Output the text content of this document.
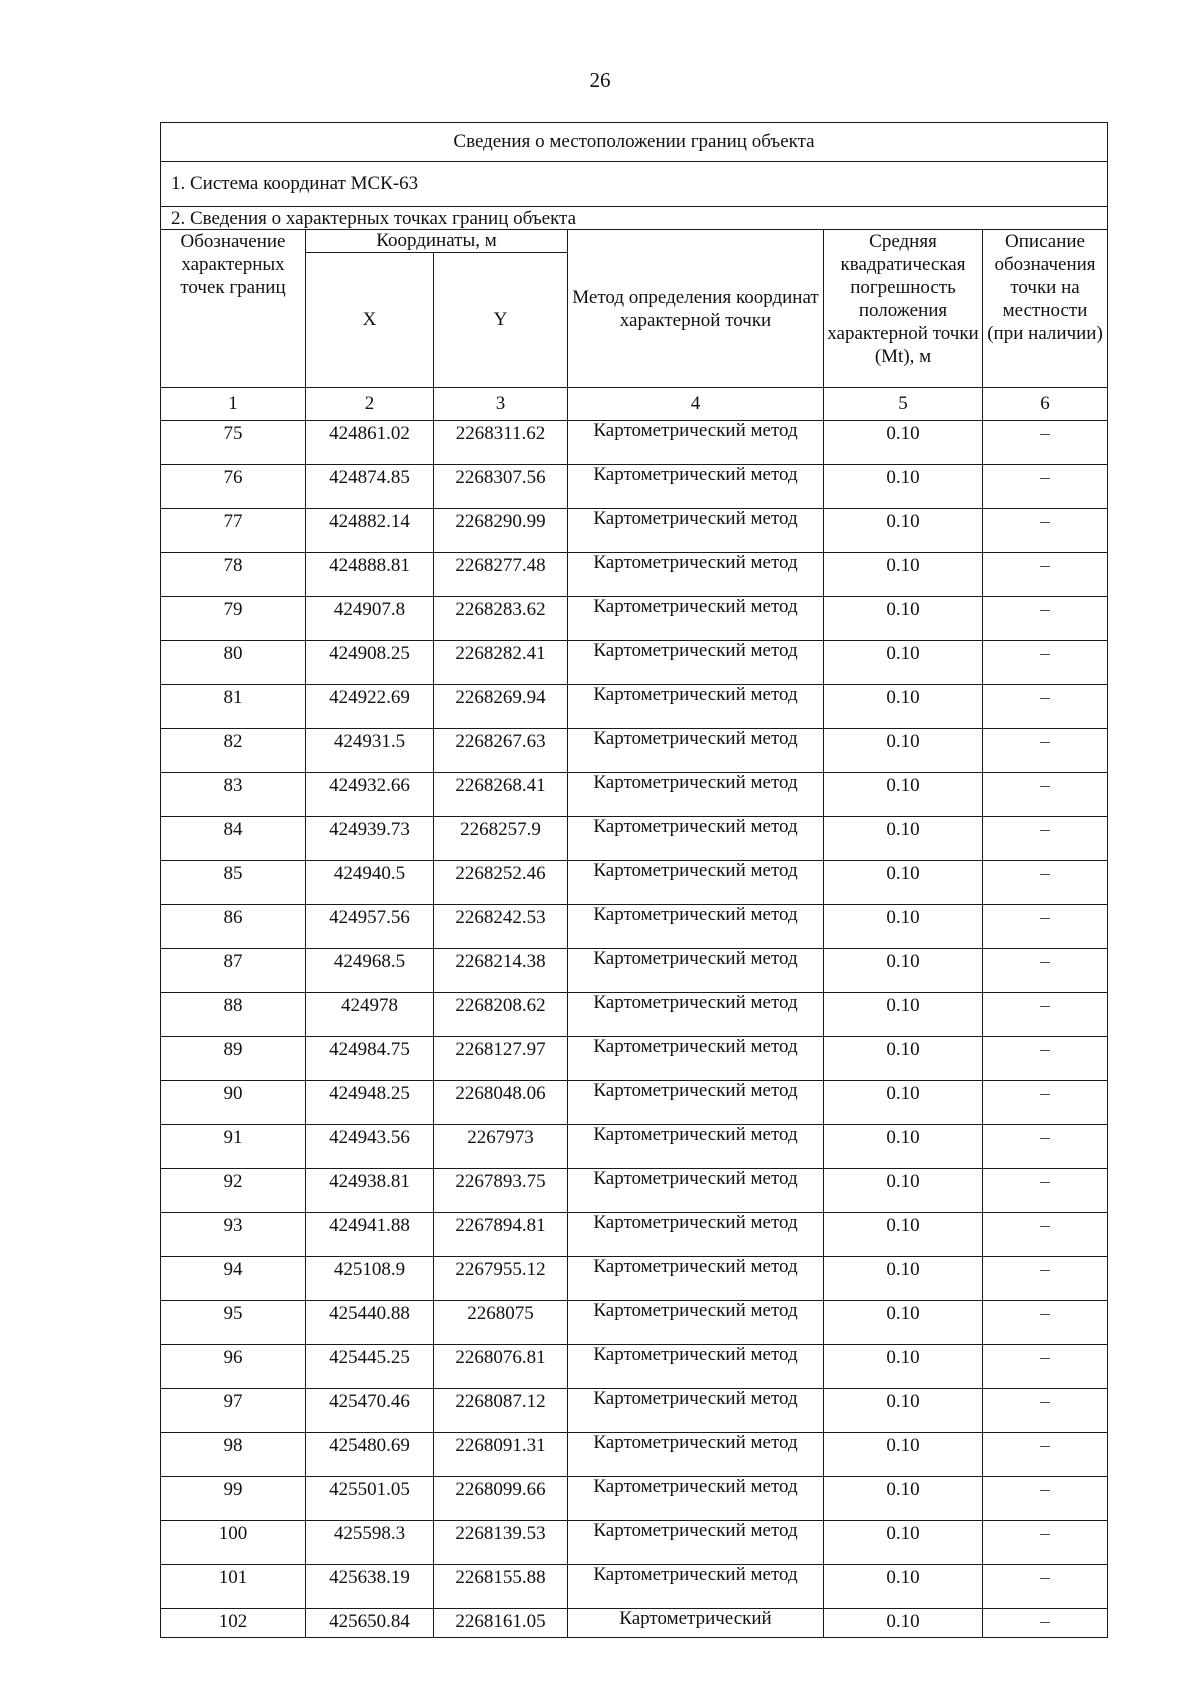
26
Сведения о местоположении границ объекта					
1. Система координат МСК-63					
2. Сведения о характерных точках границ объекта					

Обозначение характерных точек границ	Координаты, м		Метод определения координат характерной точки	Средняя квадратическая погрешность положения характерной точки (Mt), м	Описание обозначения точки на местности (при наличии)

	X	Y			
1	2	3	4	5	6
75	424861.02	2268311.62	Картометрический метод	0.10	–
76	424874.85	2268307.56	Картометрический метод	0.10	–
77	424882.14	2268290.99	Картометрический метод	0.10	–
78	424888.81	2268277.48	Картометрический метод	0.10	–
79	424907.8	2268283.62	Картометрический метод	0.10	–
80	424908.25	2268282.41	Картометрический метод	0.10	–
81	424922.69	2268269.94	Картометрический метод	0.10	–
82	424931.5	2268267.63	Картометрический метод	0.10	–
83	424932.66	2268268.41	Картометрический метод	0.10	–
84	424939.73	2268257.9	Картометрический метод	0.10	–
85	424940.5	2268252.46	Картометрический метод	0.10	–
86	424957.56	2268242.53	Картометрический метод	0.10	–
87	424968.5	2268214.38	Картометрический метод	0.10	–
88	424978	2268208.62	Картометрический метод	0.10	–
89	424984.75	2268127.97	Картометрический метод	0.10	–
90	424948.25	2268048.06	Картометрический метод	0.10	–
91	424943.56	2267973	Картометрический метод	0.10	–
92	424938.81	2267893.75	Картометрический метод	0.10	–
93	424941.88	2267894.81	Картометрический метод	0.10	–
94	425108.9	2267955.12	Картометрический метод	0.10	–
95	425440.88	2268075	Картометрический метод	0.10	–
96	425445.25	2268076.81	Картометрический метод	0.10	–
97	425470.46	2268087.12	Картометрический метод	0.10	–
98	425480.69	2268091.31	Картометрический метод	0.10	–
99	425501.05	2268099.66	Картометрический метод	0.10	–
100	425598.3	2268139.53	Картометрический метод	0.10	–
101	425638.19	2268155.88	Картометрический метод	0.10	–
102	425650.84	2268161.05	Картометрический	0.10	–
